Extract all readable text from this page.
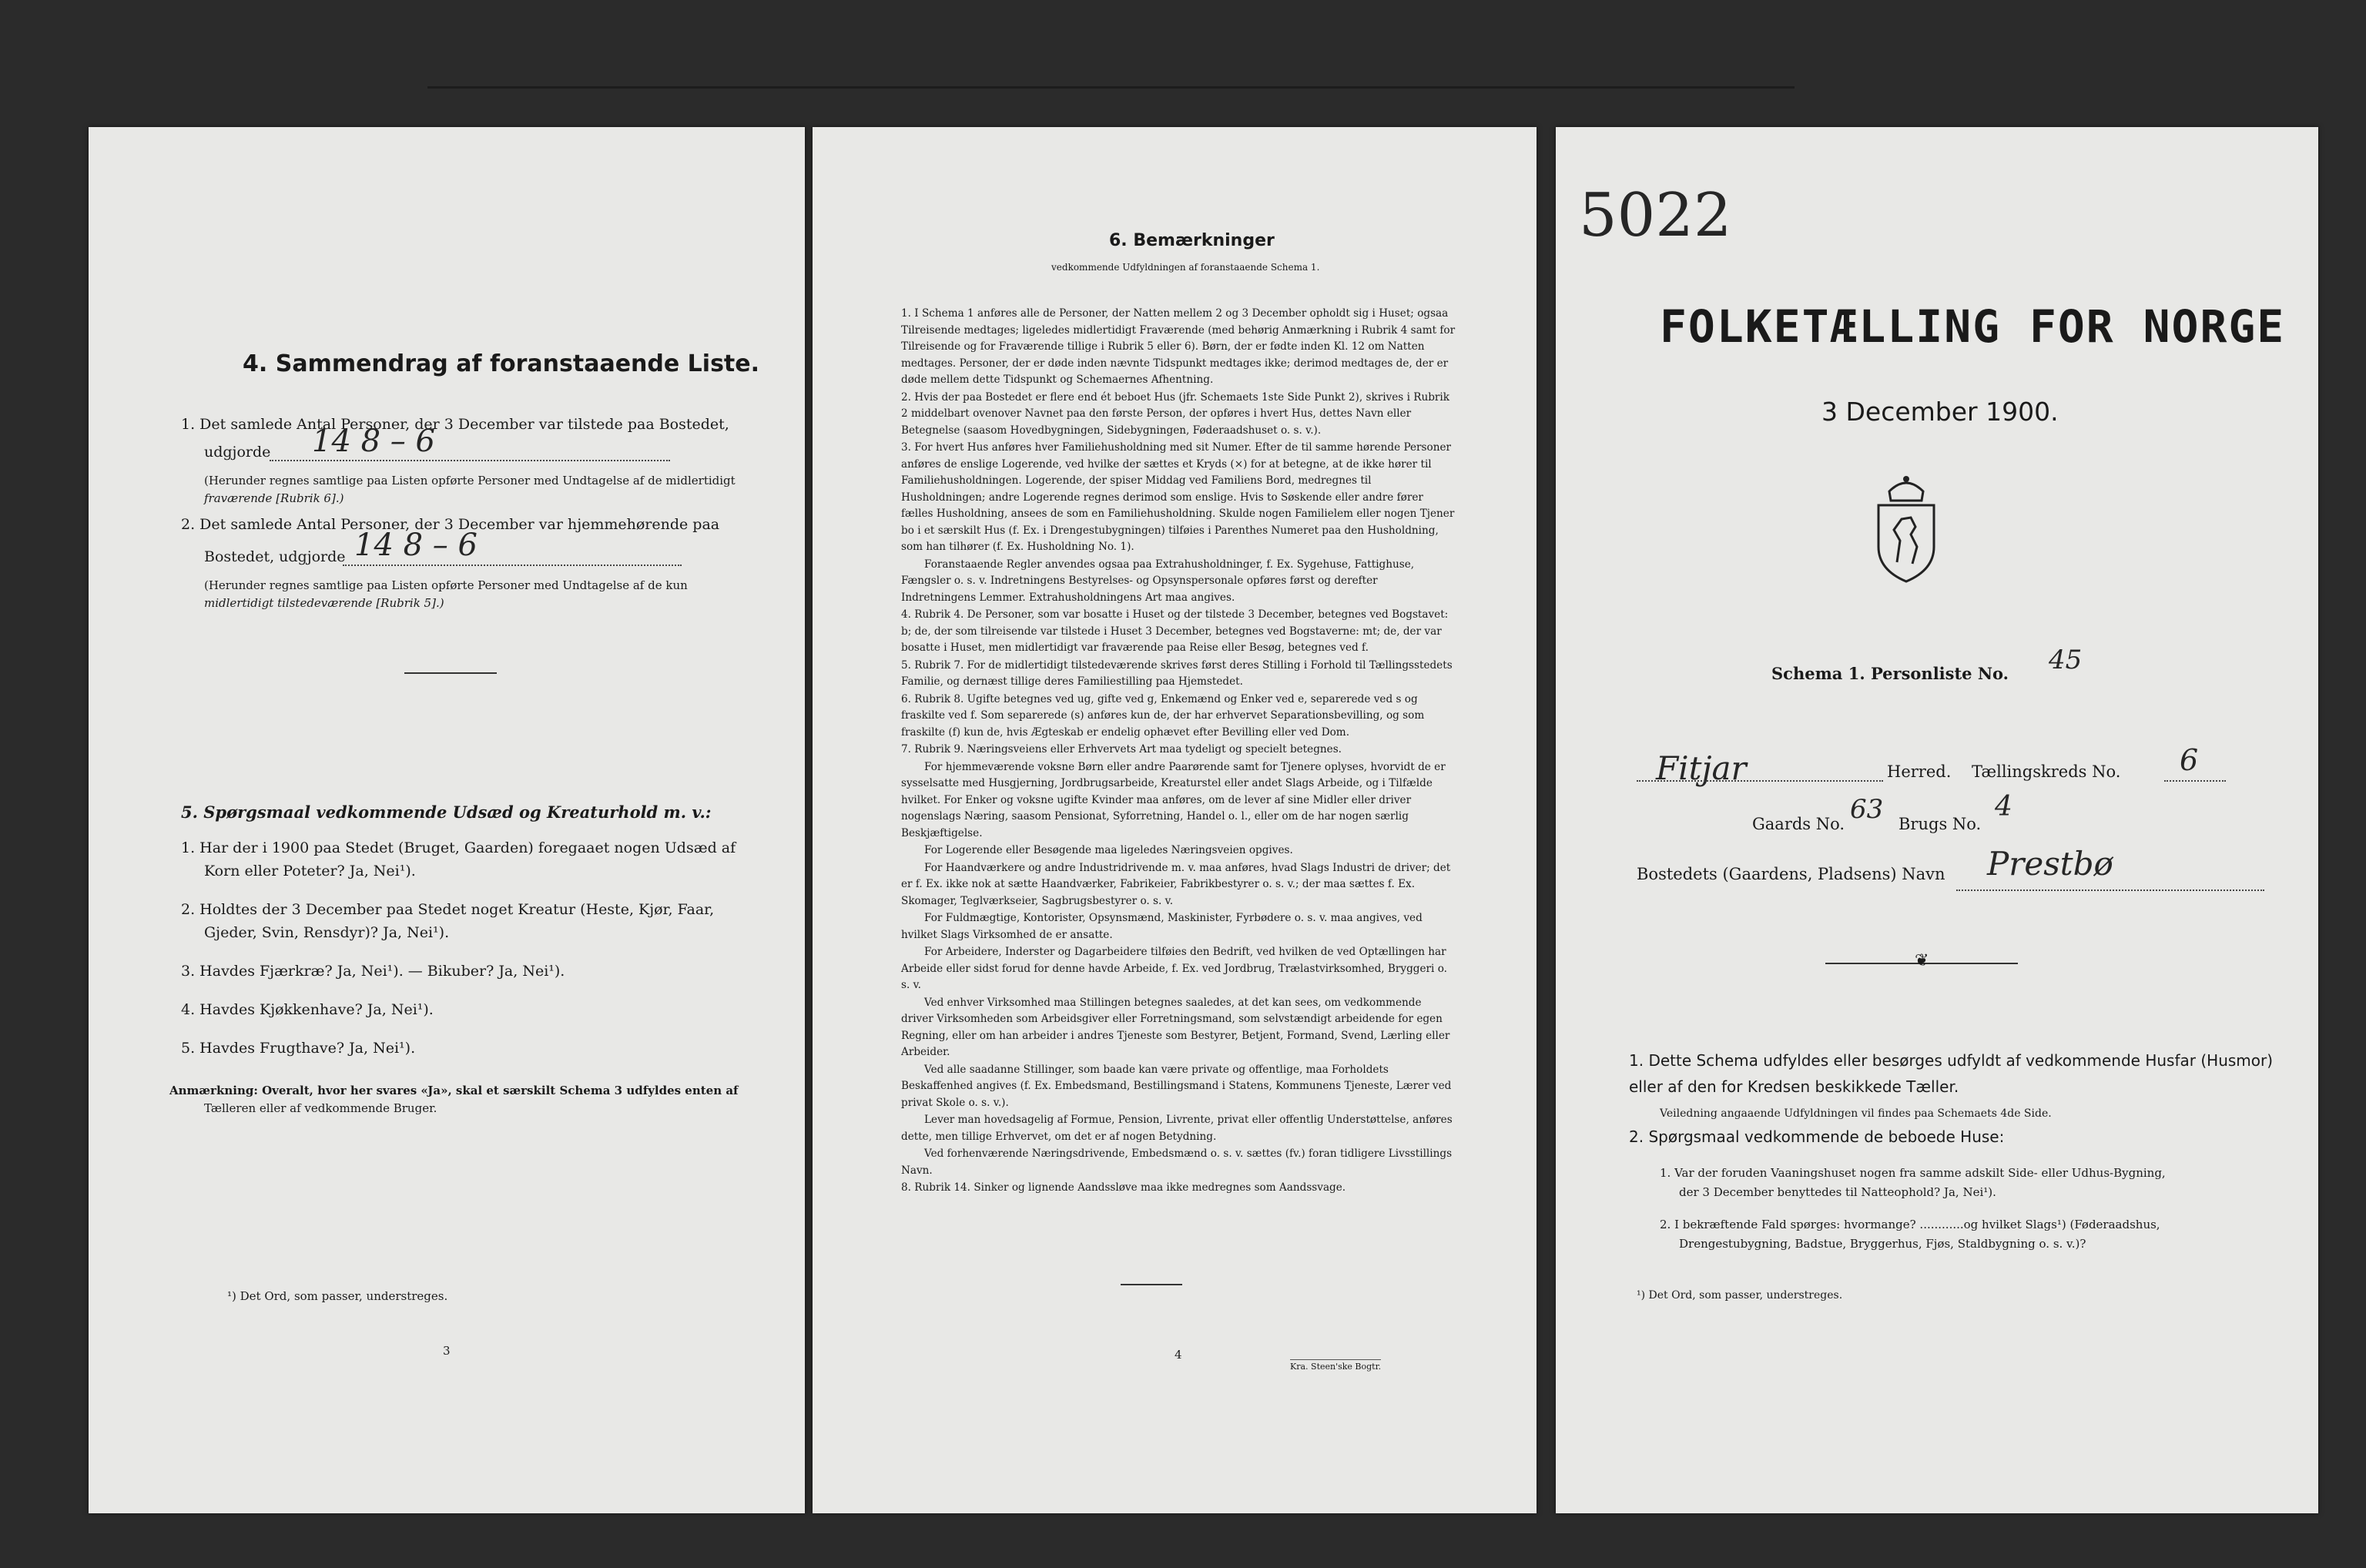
4. Sammendrag af foranstaaende Liste.
1. Det samlede Antal Personer, der 3 December var tilstede paa Bostedet,
udgjorde 14 8 – 6
(Herunder regnes samtlige paa Listen opførte Personer med Undtagelse af de midlertidigt
fraværende [Rubrik 6].)
2. Det samlede Antal Personer, der 3 December var hjemmehørende paa
Bostedet, udgjorde 14 8 – 6
(Herunder regnes samtlige paa Listen opførte Personer med Undtagelse af de kun
midlertidigt tilstedeværende [Rubrik 5].)
5. Spørgsmaal vedkommende Udsæd og Kreaturhold m. v.:
1. Har der i 1900 paa Stedet (Bruget, Gaarden) foregaaet nogen Udsæd af
Korn eller Poteter? Ja, Nei¹).
2. Holdtes der 3 December paa Stedet noget Kreatur (Heste, Kjør, Faar,
Gjeder, Svin, Rensdyr)? Ja, Nei¹).
3. Havdes Fjærkræ? Ja, Nei¹). — Bikuber? Ja, Nei¹).
4. Havdes Kjøkkenhave? Ja, Nei¹).
5. Havdes Frugthave? Ja, Nei¹).
Anmærkning: Overalt, hvor her svares «Ja», skal et særskilt Schema 3 udfyldes enten af
Tælleren eller af vedkommende Bruger.
¹) Det Ord, som passer, understreges.
3
6. Bemærkninger
vedkommende Udfyldningen af foranstaaende Schema 1.

1. I Schema 1 anføres alle de Personer, der Natten mellem 2 og 3 December opholdt sig i Huset; ogsaa Tilreisende medtages; ligeledes midlertidigt Fraværende (med behørig Anmærkning i Rubrik 4 samt for Tilreisende og for Fraværende tillige i Rubrik 5 eller 6). Børn, der er fødte inden Kl. 12 om Natten medtages. Personer, der er døde inden nævnte Tidspunkt medtages ikke; derimod medtages de, der er døde mellem dette Tidspunkt og Schemaernes Afhentning.

2. Hvis der paa Bostedet er flere end ét beboet Hus (jfr. Schemaets 1ste Side Punkt 2), skrives i Rubrik 2 middelbart ovenover Navnet paa den første Person, der opføres i hvert Hus, dettes Navn eller Betegnelse (saasom Hovedbygningen, Sidebygningen, Føderaadshuset o. s. v.).

3. For hvert Hus anføres hver Familiehusholdning med sit Numer. Efter de til samme hørende Personer anføres de enslige Logerende, ved hvilke der sættes et Kryds (×) for at betegne, at de ikke hører til Familiehusholdningen. Logerende, der spiser Middag ved Familiens Bord, medregnes til Husholdningen; andre Logerende regnes derimod som enslige. Hvis to Søskende eller andre fører fælles Husholdning, ansees de som en Familiehusholdning. Skulde nogen Familielem eller nogen Tjener bo i et særskilt Hus (f. Ex. i Drengestubygningen) tilføies i Parenthes Numeret paa den Husholdning, som han tilhører (f. Ex. Husholdning No. 1).

Foranstaaende Regler anvendes ogsaa paa Extrahusholdninger, f. Ex. Sygehuse, Fattighuse, Fængsler o. s. v. Indretningens Bestyrelses- og Opsynspersonale opføres først og derefter Indretningens Lemmer. Extrahusholdningens Art maa angives.

4. Rubrik 4. De Personer, som var bosatte i Huset og der tilstede 3 December, betegnes ved Bogstavet: b; de, der som tilreisende var tilstede i Huset 3 December, betegnes ved Bogstaverne: mt; de, der var bosatte i Huset, men midlertidigt var fraværende paa Reise eller Besøg, betegnes ved f.

5. Rubrik 7. For de midlertidigt tilstedeværende skrives først deres Stilling i Forhold til Tællingsstedets Familie, og dernæst tillige deres Familiestilling paa Hjemstedet.

6. Rubrik 8. Ugifte betegnes ved ug, gifte ved g, Enkemænd og Enker ved e, separerede ved s og fraskilte ved f. Som separerede (s) anføres kun de, der har erhvervet Separationsbevilling, og som fraskilte (f) kun de, hvis Ægteskab er endelig ophævet efter Bevilling eller ved Dom.

7. Rubrik 9. Næringsveiens eller Erhvervets Art maa tydeligt og specielt betegnes.

For hjemmeværende voksne Børn eller andre Paarørende samt for Tjenere oplyses, hvorvidt de er sysselsatte med Husgjerning, Jordbrugsarbeide, Kreaturstel eller andet Slags Arbeide, og i Tilfælde hvilket. For Enker og voksne ugifte Kvinder maa anføres, om de lever af sine Midler eller driver nogenslags Næring, saasom Pensionat, Syforretning, Handel o. l., eller om de har nogen særlig Beskjæftigelse.

For Logerende eller Besøgende maa ligeledes Næringsveien opgives.

For Haandværkere og andre Industridrivende m. v. maa anføres, hvad Slags Industri de driver; det er f. Ex. ikke nok at sætte Haandværker, Fabrikeier, Fabrikbestyrer o. s. v.; der maa sættes f. Ex. Skomager, Teglværkseier, Sagbrugsbestyrer o. s. v.

For Fuldmægtige, Kontorister, Opsynsmænd, Maskinister, Fyrbødere o. s. v. maa angives, ved hvilket Slags Virksomhed de er ansatte.

For Arbeidere, Inderster og Dagarbeidere tilføies den Bedrift, ved hvilken de ved Optællingen har Arbeide eller sidst forud for denne havde Arbeide, f. Ex. ved Jordbrug, Trælastvirksomhed, Bryggeri o. s. v.

Ved enhver Virksomhed maa Stillingen betegnes saaledes, at det kan sees, om vedkommende driver Virksomheden som Arbeidsgiver eller Forretningsmand, som selvstændigt arbeidende for egen Regning, eller om han arbeider i andres Tjeneste som Bestyrer, Betjent, Formand, Svend, Lærling eller Arbeider.

Ved alle saadanne Stillinger, som baade kan være private og offentlige, maa Forholdets Beskaffenhed angives (f. Ex. Embedsmand, Bestillingsmand i Statens, Kommunens Tjeneste, Lærer ved privat Skole o. s. v.).

Lever man hovedsagelig af Formue, Pension, Livrente, privat eller offentlig Understøttelse, anføres dette, men tillige Erhvervet, om det er af nogen Betydning.

Ved forhenværende Næringsdrivende, Embedsmænd o. s. v. sættes (fv.) foran tidligere Livsstillings Navn.

8. Rubrik 14. Sinker og lignende Aandssløve maa ikke medregnes som Aandssvage.

4
Kra. Steen'ske Bogtr.
5022
FOLKETÆLLING FOR NORGE
3 December 1900.
Schema 1. Personliste No. 45
Fitjar	Herred. Tællingskreds No. 6
Gaards No. 63 Brugs No.
4
Bostedets (Gaardens, Pladsens) Navn Prestbø
❦
1. Dette Schema udfyldes eller besørges udfyldt af vedkommende Husfar (Husmor) eller af den for Kredsen beskikkede Tæller.
Veiledning angaaende Udfyldningen vil findes paa Schemaets 4de Side.
2. Spørgsmaal vedkommende de beboede Huse:
1. Var der foruden Vaaningshuset nogen fra samme adskilt Side- eller Udhus-Bygning,
der 3 December benyttedes til Natteophold? Ja, Nei¹).
2. I bekræftende Fald spørges: hvormange? ............og hvilket Slags¹) (Føderaadshus,
Drengestubygning, Badstue, Bryggerhus, Fjøs, Staldbygning o. s. v.)?
¹) Det Ord, som passer, understreges.
